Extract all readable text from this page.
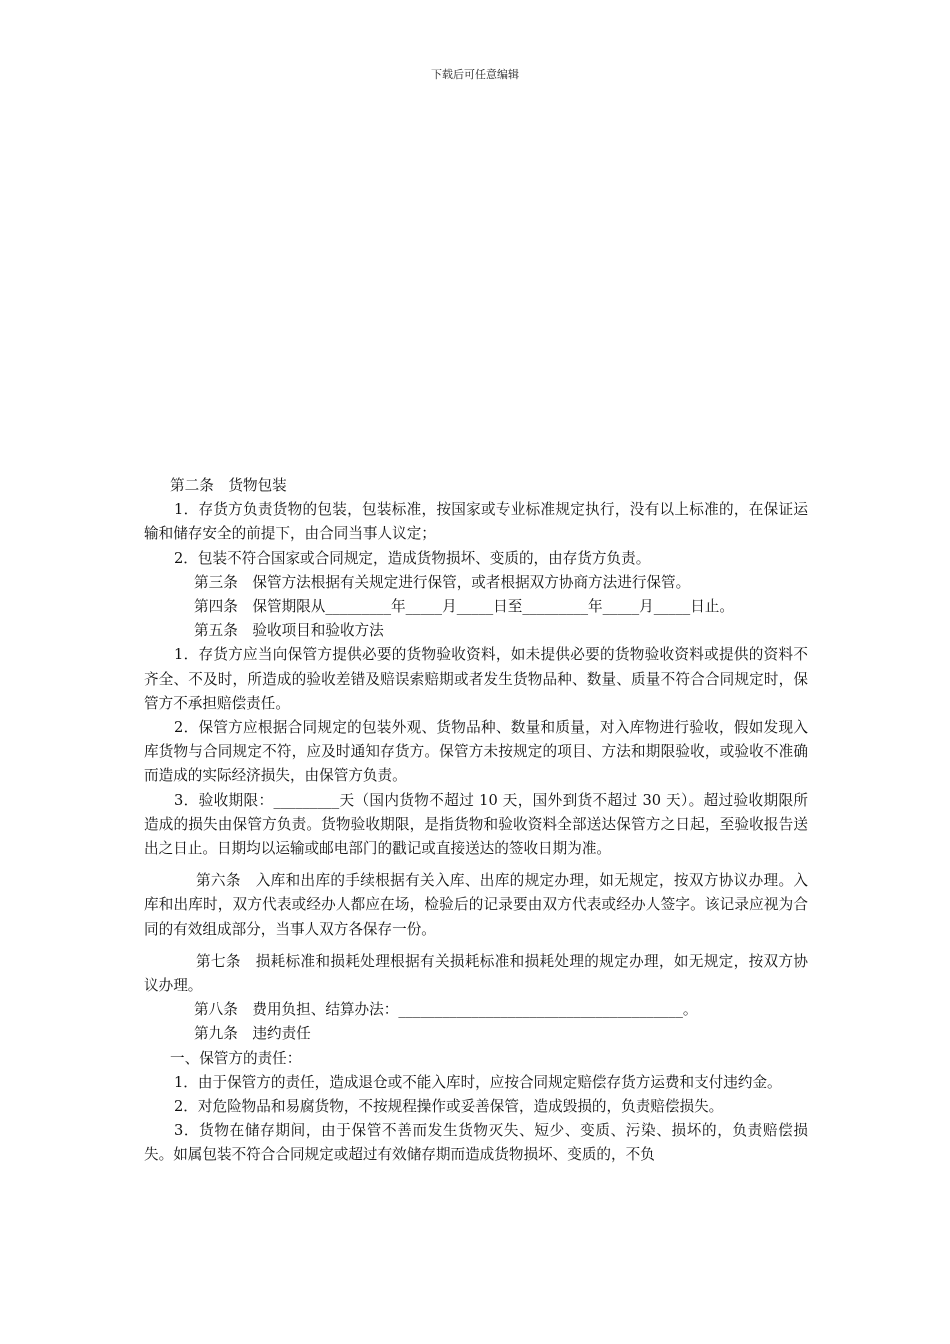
下载后可任意编辑

第二条　货物包装

1．存货方负责货物的包装，包装标准，按国家或专业标准规定执行，没有以上标准的，在保证运输和储存安全的前提下，由合同当事人议定；

2．包装不符合国家或合同规定，造成货物损坏、变质的，由存货方负责。

第三条　保管方法根据有关规定进行保管，或者根据双方协商方法进行保管。

第四条　保管期限从_________年_____月_____日至_________年_____月_____日止。

第五条　验收项目和验收方法

1．存货方应当向保管方提供必要的货物验收资料，如未提供必要的货物验收资料或提供的资料不齐全、不及时，所造成的验收差错及赔误索赔期或者发生货物品种、数量、质量不符合合同规定时，保管方不承担赔偿责任。

2．保管方应根据合同规定的包装外观、货物品种、数量和质量，对入库物进行验收，假如发现入库货物与合同规定不符，应及时通知存货方。保管方未按规定的项目、方法和期限验收，或验收不准确而造成的实际经济损失，由保管方负责。

3．验收期限：_________天（国内货物不超过 10 天，国外到货不超过 30 天）。超过验收期限所造成的损失由保管方负责。货物验收期限，是指货物和验收资料全部送达保管方之日起，至验收报告送出之日止。日期均以运输或邮电部门的戳记或直接送达的签收日期为准。

第六条　入库和出库的手续根据有关入库、出库的规定办理，如无规定，按双方协议办理。入库和出库时，双方代表或经办人都应在场，检验后的记录要由双方代表或经办人签字。该记录应视为合同的有效组成部分，当事人双方各保存一份。

第七条　损耗标准和损耗处理根据有关损耗标准和损耗处理的规定办理，如无规定，按双方协议办理。

第八条　费用负担、结算办法：_______________________________________。

第九条　违约责任

一、保管方的责任：

1．由于保管方的责任，造成退仓或不能入库时，应按合同规定赔偿存货方运费和支付违约金。

2．对危险物品和易腐货物，不按规程操作或妥善保管，造成毁损的，负责赔偿损失。

3．货物在储存期间，由于保管不善而发生货物灭失、短少、变质、污染、损坏的，负责赔偿损失。如属包装不符合合同规定或超过有效储存期而造成货物损坏、变质的，不负
